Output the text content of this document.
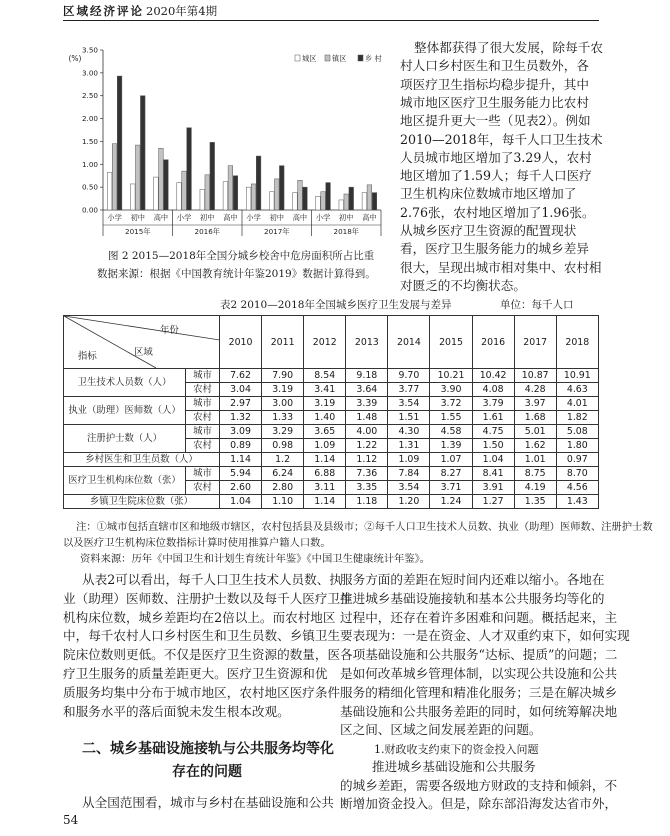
区域经济评论 2020年第4期
0.00
0.50
1.00
1.50
2.00
2.50
3.00
3.50
(%)
小学 初中 高中 小学 初中 高中 小学 初中 高中 小学 初中 高中
2015年	2016年	2017年	2018年
城区 镇区	乡 村
图 2 2015—2018年全国分城乡校舍中危房面积所占比重
数据来源：根据《中国教育统计年鉴2019》数据计算得到。
整体都获得了很大发展，除每千农
村人口乡村医生和卫生员数外，各
项医疗卫生指标均稳步提升，其中
城市地区医疗卫生服务能力比农村
地区提升更大一些（见表2）。例如
2010—2018年，每千人口卫生技术
人员城市地区增加了3.29人，农村
地区增加了1.59人；每千人口医疗
卫生机构床位数城市地区增加了
2.76张，农村地区增加了1.96张。
从城乡医疗卫生资源的配置现状
看，医疗卫生服务能力的城乡差异
很大，呈现出城市相对集中、农村相
对匮乏的不均衡状态。
表2 2010—2018年全国城乡医疗卫生发展与差异	单位：每千人口
年份
指标 区域		2010	2011	2012	2013	2014	2015	2016	2017	2018
卫生技术人员数（人）	城市	7.62	7.90	8.54	9.18	9.70	10.21	10.42	10.87	10.91
	农村	3.04	3.19	3.41	3.64	3.77	3.90	4.08	4.28	4.63
执业（助理）医师数（人）	城市	2.97	3.00	3.19	3.39	3.54	3.72	3.79	3.97	4.01
	农村	1.32	1.33	1.40	1.48	1.51	1.55	1.61	1.68	1.82
注册护士数（人）	城市	3.09	3.29	3.65	4.00	4.30	4.58	4.75	5.01	5.08
	农村	0.89	0.98	1.09	1.22	1.31	1.39	1.50	1.62	1.80
乡村医生和卫生员数（人）		1.14	1.2	1.14	1.12	1.09	1.07	1.04	1.01	0.97
医疗卫生机构床位数（张）	城市	5.94	6.24	6.88	7.36	7.84	8.27	8.41	8.75	8.70
	农村	2.60	2.80	3.11	3.35	3.54	3.71	3.91	4.19	4.56
乡镇卫生院床位数（张）		1.04	1.10	1.14	1.18	1.20	1.24	1.27	1.35	1.43
注：①城市包括直辖市区和地级市辖区，农村包括县及县级市；②每千人口卫生技术人员数、执业（助理）医师数、注册护士数
以及医疗卫生机构床位数指标计算时使用推算户籍人口数。
资料来源：历年《中国卫生和计划生育统计年鉴》《中国卫生健康统计年鉴》。
从表2可以看出，每千人口卫生技术人员数、执
业（助理）医师数、注册护士数以及每千人医疗卫生
机构床位数，城乡差距均在2倍以上。而农村地区
中，每千农村人口乡村医生和卫生员数、乡镇卫生
院床位数则更低。不仅是医疗卫生资源的数量，医
疗卫生服务的质量差距更大。医疗卫生资源和优
质服务均集中分布于城市地区，农村地区医疗条件
和服务水平的落后面貌未发生根本改观。
二、城乡基础设施接轨与公共服务均等化
存在的问题
从全国范围看，城市与乡村在基础设施和公共
1.财政收支约束下的资金投入问题
54
服务方面的差距在短时间内还难以缩小。各地在
推进城乡基础设施接轨和基本公共服务均等化的
过程中，还存在着许多困难和问题。概括起来，主
要表现为：一是在资金、人才双重约束下，如何实现
各项基础设施和公共服务“达标、提质”的问题；二
是如何改革城乡管理体制，以实现公共设施和公共
服务的精细化管理和精准化服务；三是在解决城乡
基础设施和公共服务差距的同时，如何统筹解决地
区之间、区域之间发展差距的问题。
推进城乡基础设施和公共服务
的城乡差距，需要各级地方财政的支持和倾斜，不
断增加资金投入。但是，除东部沿海发达省市外，
